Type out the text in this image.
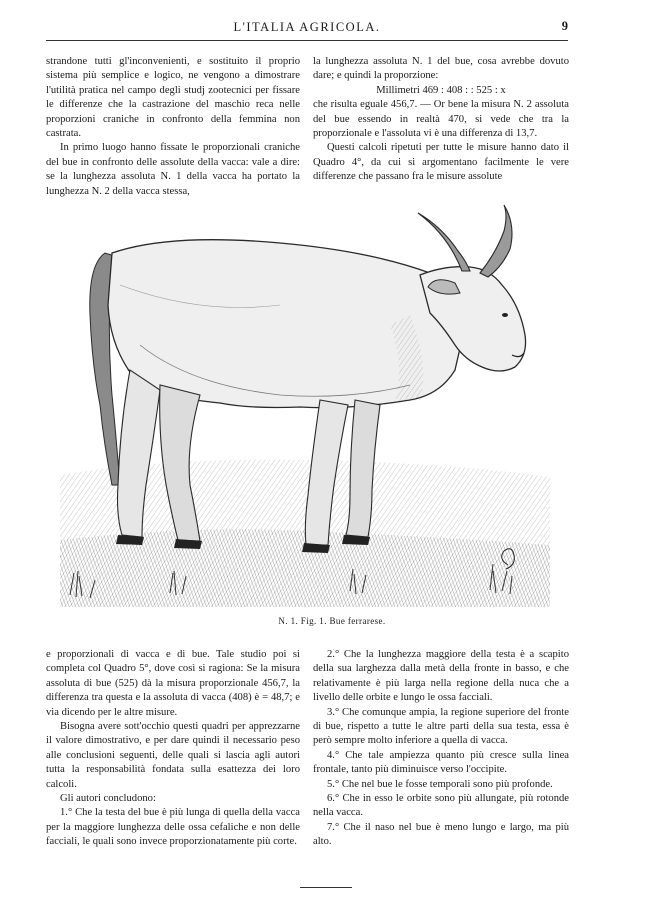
L'ITALIA AGRICOLA.	9

strandone tutti gl'inconvenienti, e sostituito il proprio sistema più semplice e logico, ne vengono a dimostrare l'utilità pratica nel campo degli studj zootecnici per fissare le differenze che la castrazione del maschio reca nelle proporzioni craniche in confronto della femmina non castrata.

In primo luogo hanno fissate le proporzionali craniche del bue in confronto delle assolute della vacca: vale a dire: se la lunghezza assoluta N. 1 della vacca ha portato la lunghezza N. 2 della vacca stessa,

la lunghezza assoluta N. 1 del bue, cosa avrebbe dovuto dare; e quindi la proporzione:

Millimetri 469 : 408 : : 525 : x

che risulta eguale 456,7. — Or bene la misura N. 2 assoluta del bue essendo in realtà 470, si vede che tra la proporzionale e l'assoluta vi è una differenza di 13,7.

Questi calcoli ripetuti per tutte le misure hanno dato il Quadro 4°, da cui si argomentano facilmente le vere differenze che passano fra le misure assolute

N. 1. Fig. 1. Bue ferrarese.

e proporzionali di vacca e di bue. Tale studio poi si completa col Quadro 5°, dove così si ragiona: Se la misura assoluta di bue (525) dà la misura proporzionale 456,7, la differenza tra questa e la assoluta di vacca (408) è = 48,7; e via dicendo per le altre misure.

Bisogna avere sott'occhio questi quadri per apprezzarne il valore dimostrativo, e per dare quindi il necessario peso alle conclusioni seguenti, delle quali si lascia agli autori tutta la responsabilità fondata sulla esattezza dei loro calcoli.

Gli autori concludono:

1.° Che la testa del bue è più lunga di quella della vacca per la maggiore lunghezza delle ossa cefaliche e non delle facciali, le quali sono invece proporzionatamente più corte.

2.° Che la lunghezza maggiore della testa è a scapito della sua larghezza dalla metà della fronte in basso, e che relativamente è più larga nella regione della nuca che a livello delle orbite e lungo le ossa facciali.

3.° Che comunque ampia, la regione superiore del fronte di bue, rispetto a tutte le altre parti della sua testa, essa è però sempre molto inferiore a quella di vacca.

4.° Che tale ampiezza quanto più cresce sulla linea frontale, tanto più diminuisce verso l'occipite.

5.° Che nel bue le fosse temporali sono più profonde.

6.° Che in esso le orbite sono più allungate, più rotonde nella vacca.

7.° Che il naso nel bue è meno lungo e largo, ma più alto.
